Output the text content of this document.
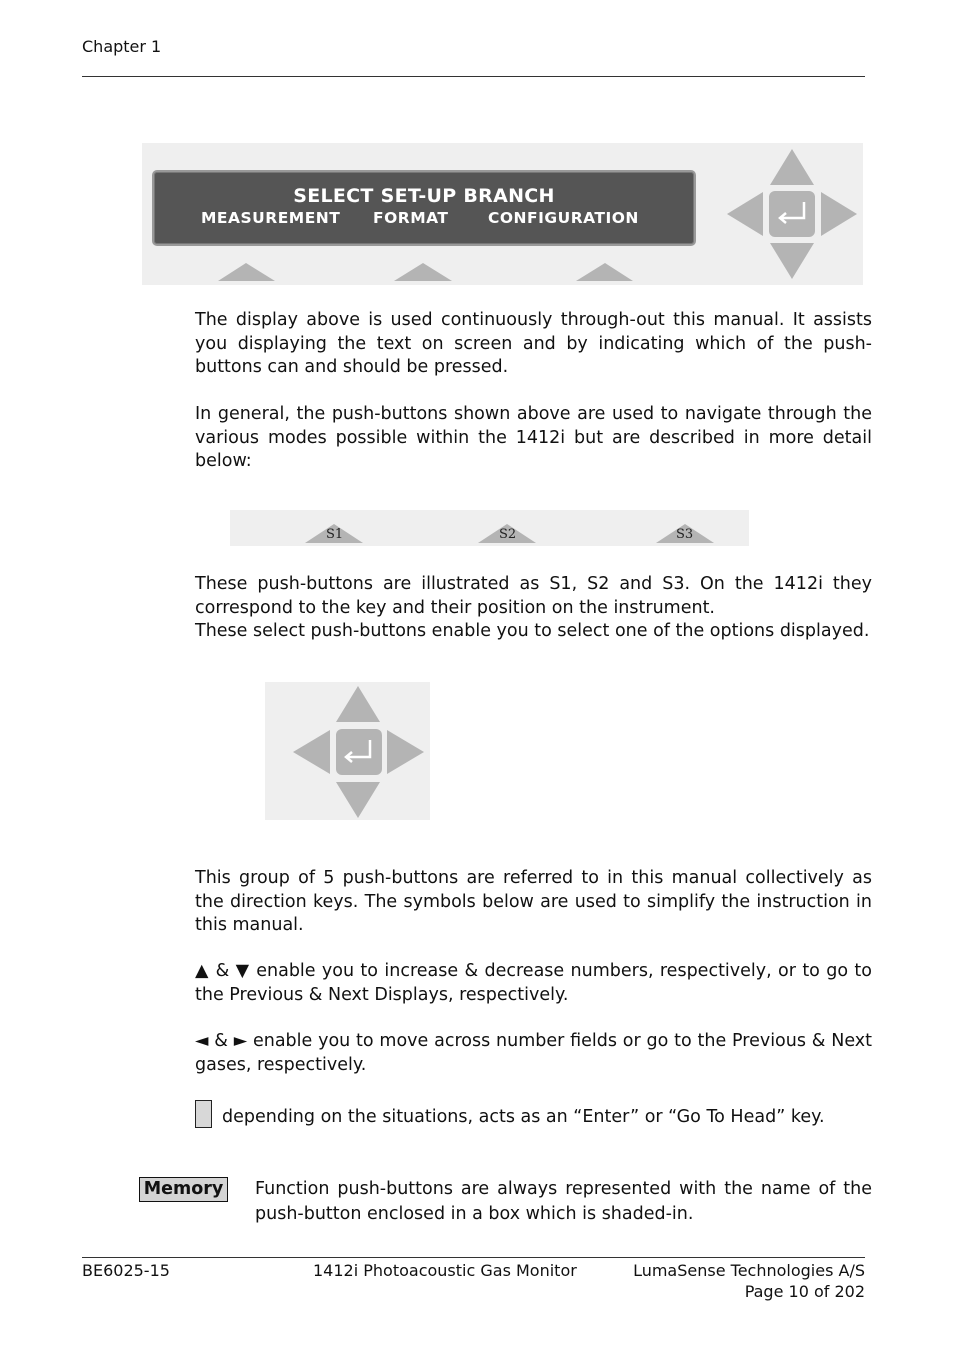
Chapter 1
SELECT SET-UP BRANCH
MEASUREMENT FORMAT	CONFIGURATION

The display above is used continuously through-out this manual. It assists you displaying the text on screen and by indicating which of the push-buttons can and should be pressed.

In general, the push-buttons shown above are used to navigate through the various modes possible within the 1412i but are described in more detail below:

S1	S2	S3

These push-buttons are illustrated as S1, S2 and S3. On the 1412i they correspond to the key and their position on the instrument.

These select push-buttons enable you to select one of the options displayed.

This group of 5 push-buttons are referred to in this manual collectively as the direction keys. The symbols below are used to simplify the instruction in this manual.

▲ & ▼ enable you to increase & decrease numbers, respectively, or to go to the Previous & Next Displays, respectively.

◄ & ► enable you to move across number fields or go to the Previous & Next gases, respectively.

depending on the situations, acts as an “Enter” or “Go To Head” key.

Memory Function push-buttons are always represented with the name of the push-button enclosed in a box which is shaded-in.
BE6025-15	1412i Photoacoustic Gas Monitor	LumaSense Technologies A/S
Page 10 of 202
